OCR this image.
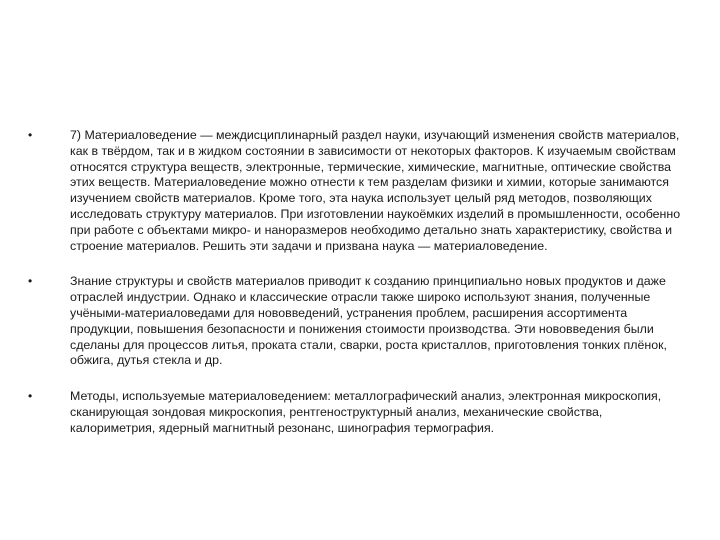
•	7) Материаловедение — междисциплинарный раздел науки, изучающий изменения свойств материалов, как в твёрдом, так и в жидком состоянии в зависимости от некоторых факторов. К изучаемым свойствам относятся структура веществ, электронные, термические, химические, магнитные, оптические свойства этих веществ. Материаловедение можно отнести к тем разделам физики и химии, которые занимаются изучением свойств материалов. Кроме того, эта наука использует целый ряд методов, позволяющих исследовать структуру материалов. При изготовлении наукоёмких изделий в промышленности, особенно при работе с объектами микро- и наноразмеров необходимо детально знать характеристику, свойства и строение материалов. Решить эти задачи и призвана наука — материаловедение.
•	Знание структуры и свойств материалов приводит к созданию принципиально новых продуктов и даже отраслей индустрии. Однако и классические отрасли также широко используют знания, полученные учёными-материаловедами для нововведений, устранения проблем, расширения ассортимента продукции, повышения безопасности и понижения стоимости производства. Эти нововведения были сделаны для процессов литья, проката стали, сварки, роста кристаллов, приготовления тонких плёнок, обжига, дутья стекла и др.
•	Методы, используемые материаловедением: металлографический анализ, электронная микроскопия, сканирующая зондовая микроскопия, рентгеноструктурный анализ, механические свойства, калориметрия, ядерный магнитный резонанс, шинография термография.
